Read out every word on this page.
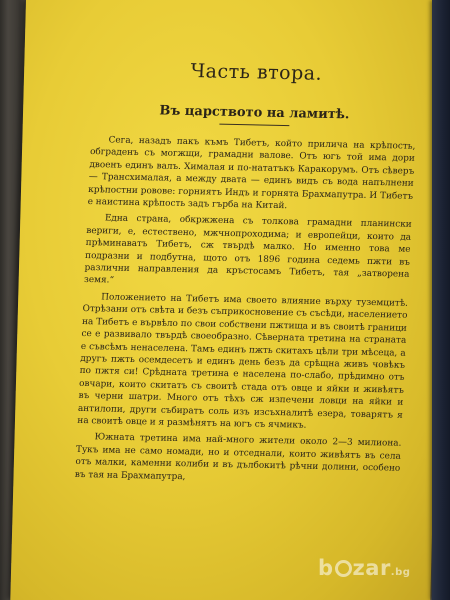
Часть втора.
Въ царството на ламитѣ.

Сега, назадъ пакъ къмъ Тибетъ, който прилича на крѣпость, обграденъ съ могжщи, грамадни валове. Отъ югъ той има дори двоенъ единъ валъ. Хималая и по-нататъкъ Каракорумъ. Отъ сѣверъ — Трансхималая, а между двата — единъ видъ съ вода напълнени крѣпостни ровове: горниятъ Индъ и горнята Брахмапутра. И Тибетъ е наистина крѣпость задъ гърба на Китай.

Една страна, обкржжена съ толкова грамадни планински вериги, е, естествено, мжчнопроходима; и европейци, които да прѣминаватъ Тибетъ, сж твърдѣ малко. Но именно това ме подразни и подбутна, щото отъ 1896 година седемь пжти въ различни направления да кръстосамъ Тибетъ, тая „затворена земя.“

Положението на Тибетъ има своето влияние върху туземцитѣ. Отрѣзани отъ свѣта и безъ съприкосновение съ съсѣди, населението на Тибетъ е вървѣло по свои собствени пжтища и въ своитѣ граници се е развивало твърдѣ своеобразно. Сѣверната третина на страната е съвсѣмъ ненаселена. Тамъ единъ пжть скитахъ цѣли три мѣсеца, а другъ пжть осемдесетъ и единъ день безъ да срѣщна живъ човѣкъ по пжтя си! Срѣдната третина е населена по-слабо, прѣдимно отъ овчари, които скитатъ съ своитѣ стада отъ овце и яйки и живѣятъ въ черни шатри. Много отъ тѣхъ сж изпечени ловци на яйки и антилопи, други събиратъ соль изъ изсъхналитѣ езера, товарятъ я на своитѣ овце и я размѣнятъ на югъ съ ячмикъ.

Южната третина има най-много жители около 2—3 милиона. Тукъ има не само номади, но и отседнали, които живѣятъ въ села отъ малки, каменни колиби и въ дълбокитѣ рѣчни долини, особено въ тая на Брахмапутра,

b zar.bg
